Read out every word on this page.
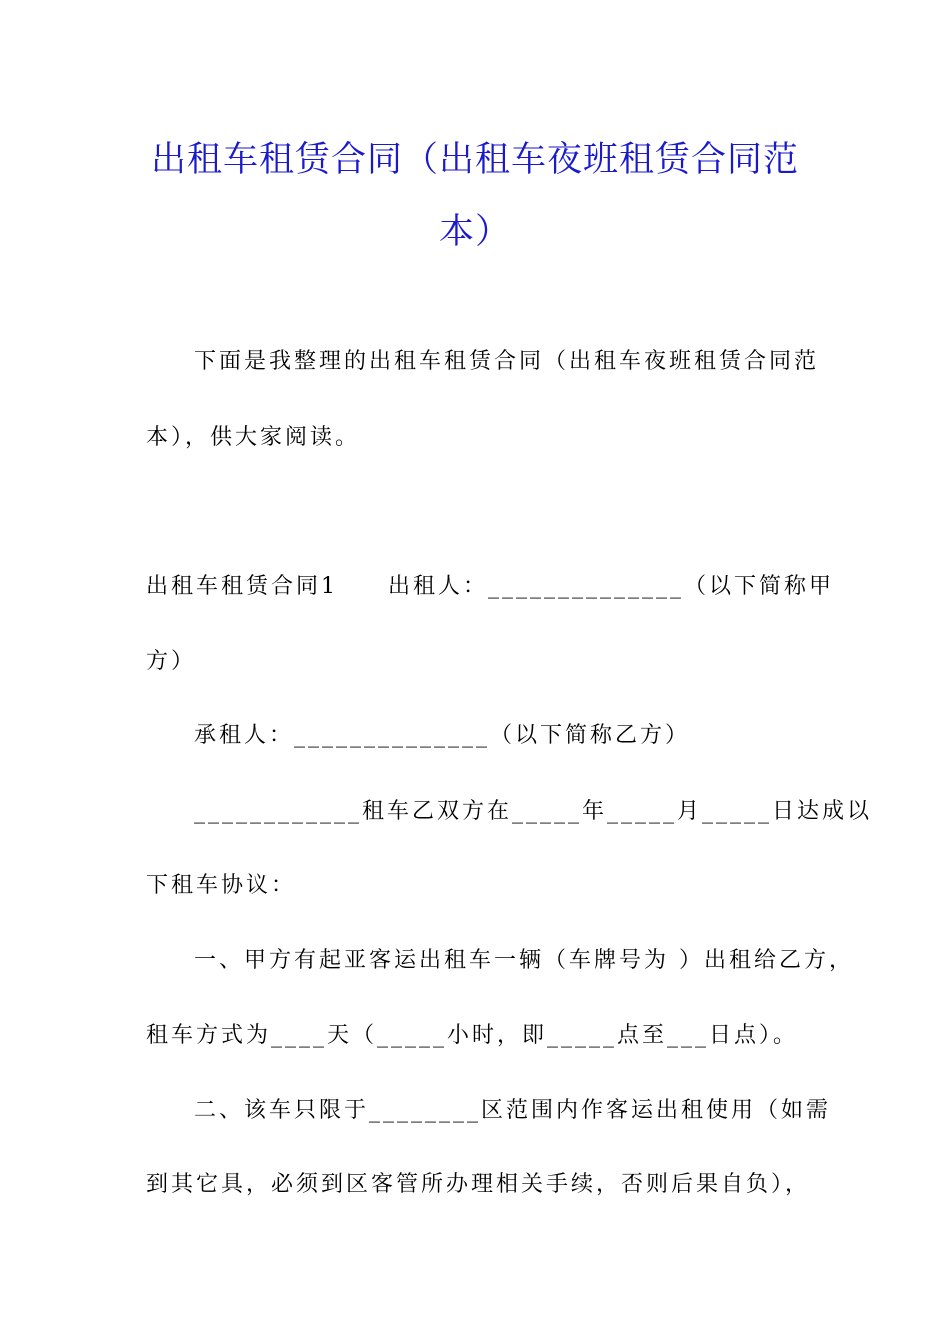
出租车租赁合同（出租车夜班租赁合同范
本）
下面是我整理的出租车租赁合同（出租车夜班租赁合同范
本），供大家阅读。
出租车租赁合同1　　出租人：______________（以下简称甲
方）
承租人：______________（以下简称乙方）
____________租车乙双方在_____年_____月_____日达成以
下租车协议：
一、甲方有起亚客运出租车一辆（车牌号为 ）出租给乙方，
租车方式为____天（_____小时，即_____点至___日点）。
二、该车只限于________区范围内作客运出租使用（如需
到其它具，必须到区客管所办理相关手续，否则后果自负），
